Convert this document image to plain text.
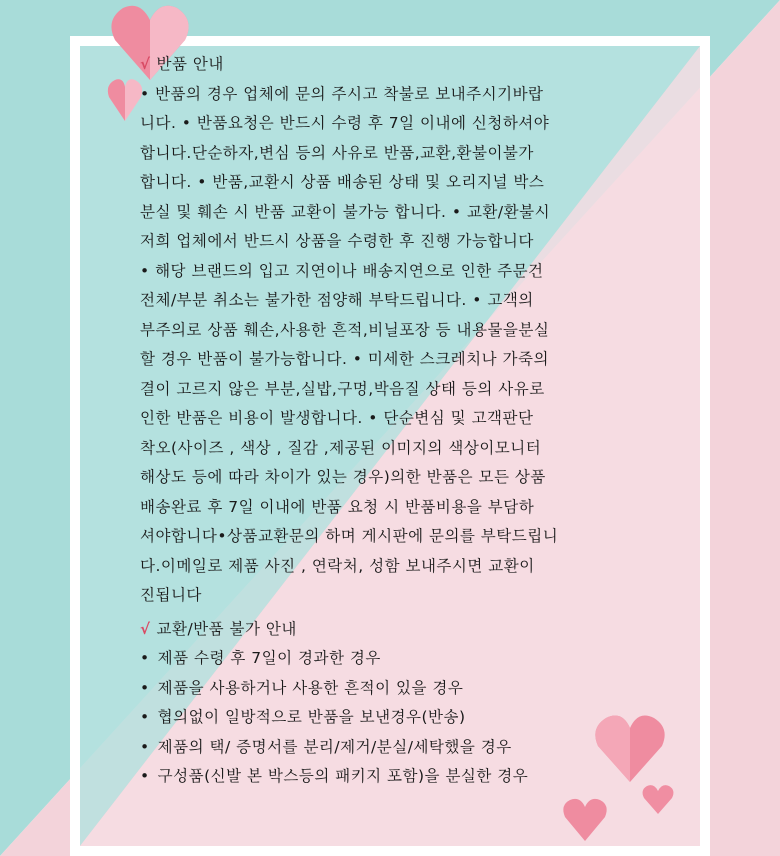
√ 반품 안내
• 반품의 경우 업체에 문의 주시고 착불로 보내주시기바랍
니다. • 반품요청은 반드시 수령 후 7일 이내에 신청하셔야
합니다.단순하자,변심 등의 사유로 반품,교환,환불이불가
합니다. • 반품,교환시 상품 배송된 상태 및 오리지널 박스
분실 및 훼손 시 반품 교환이 불가능 합니다. • 교환/환불시
저희 업체에서 반드시 상품을 수령한 후 진행 가능합니다
• 해당 브랜드의 입고 지연이나 배송지연으로 인한 주문건
전체/부분 취소는 불가한 점양해 부탁드립니다. • 고객의
부주의로 상품 훼손,사용한 흔적,비닐포장 등 내용물을분실
할 경우 반품이 불가능합니다. • 미세한 스크레치나 가죽의
결이 고르지 않은 부분,실밥,구멍,박음질 상태 등의 사유로
인한 반품은 비용이 발생합니다. • 단순변심 및 고객판단
착오(사이즈 , 색상 , 질감 ,제공된 이미지의 색상이모니터
해상도 등에 따라 차이가 있는 경우)의한 반품은 모든 상품
배송완료 후 7일 이내에 반품 요청 시 반품비용을 부담하
셔야합니다•상품교환문의 하며 게시판에 문의를 부탁드립니
다.이메일로 제품 사진 , 연락처, 성함 보내주시면 교환이
진됩니다
√ 교환/반품 불가 안내
• 제품 수령 후 7일이 경과한 경우
• 제품을 사용하거나 사용한 흔적이 있을 경우
• 협의없이 일방적으로 반품을 보낸경우(반송)
• 제품의 택/ 증명서를 분리/제거/분실/세탁했을 경우
• 구성품(신발 본 박스등의 패키지 포함)을 분실한 경우
